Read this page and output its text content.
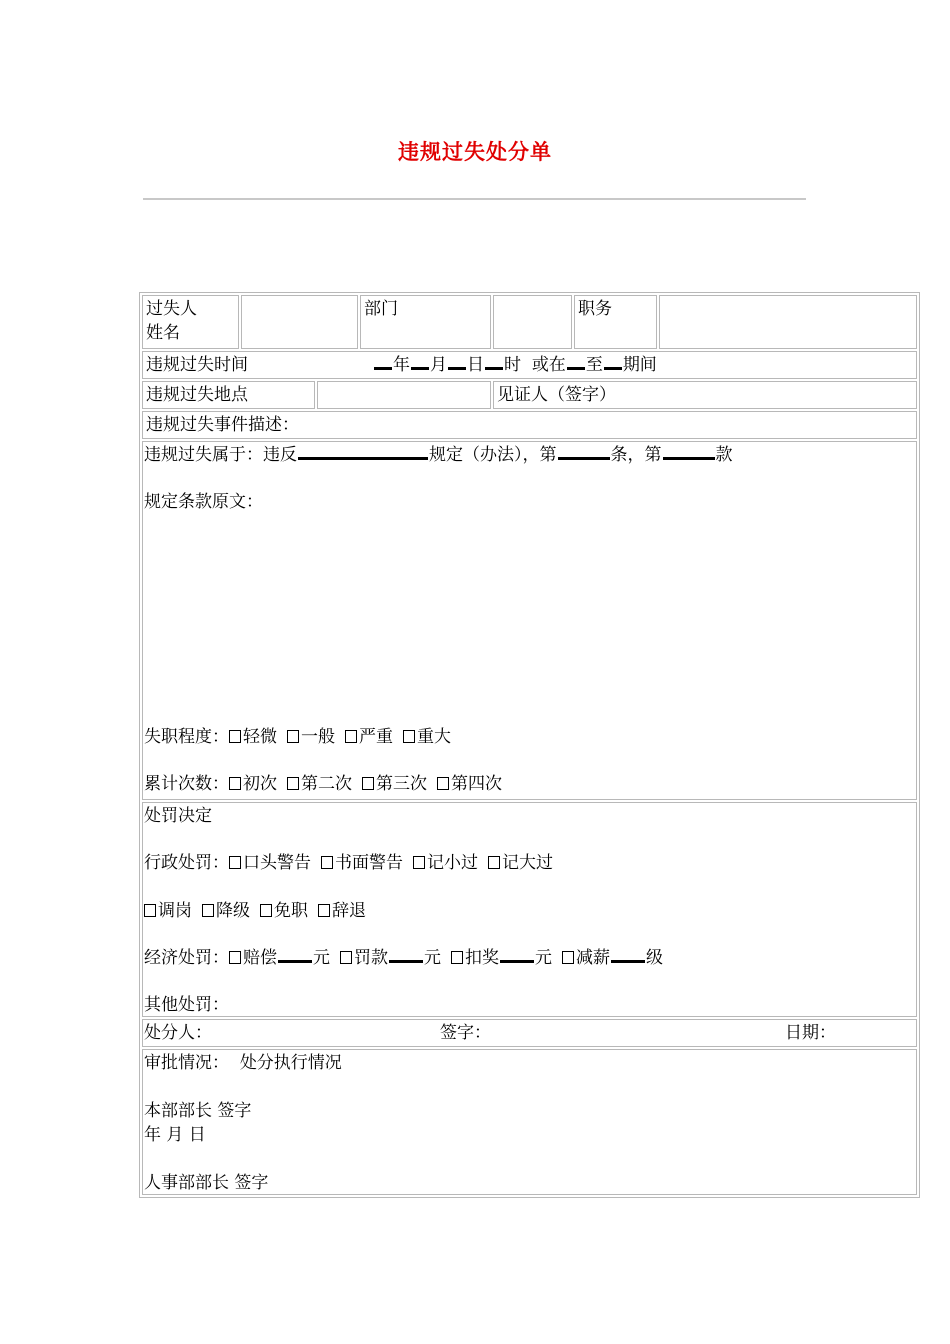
违规过失处分单
过失人
姓名
部门	职务
违规过失时间	年 月 日 时 或在 至 期间
违规过失地点	见证人（签字）
违规过失事件描述：
违规过失属于：违反	规定（办法），第	条，第	款
规定条款原文：
失职程度： 轻微 一般 严重 重大
累计次数： 初次 第二次 第三次 第四次
处罚决定
行政处罚： 口头警告 书面警告 记小过 记大过
调岗 降级 免职 辞退
经济处罚： 赔偿 元 罚款 元 扣奖 元 减薪 级
其他处罚：
处分人：	签字：	日期：
审批情况： 处分执行情况
本部部长 签字
年 月 日
人事部部长 签字
